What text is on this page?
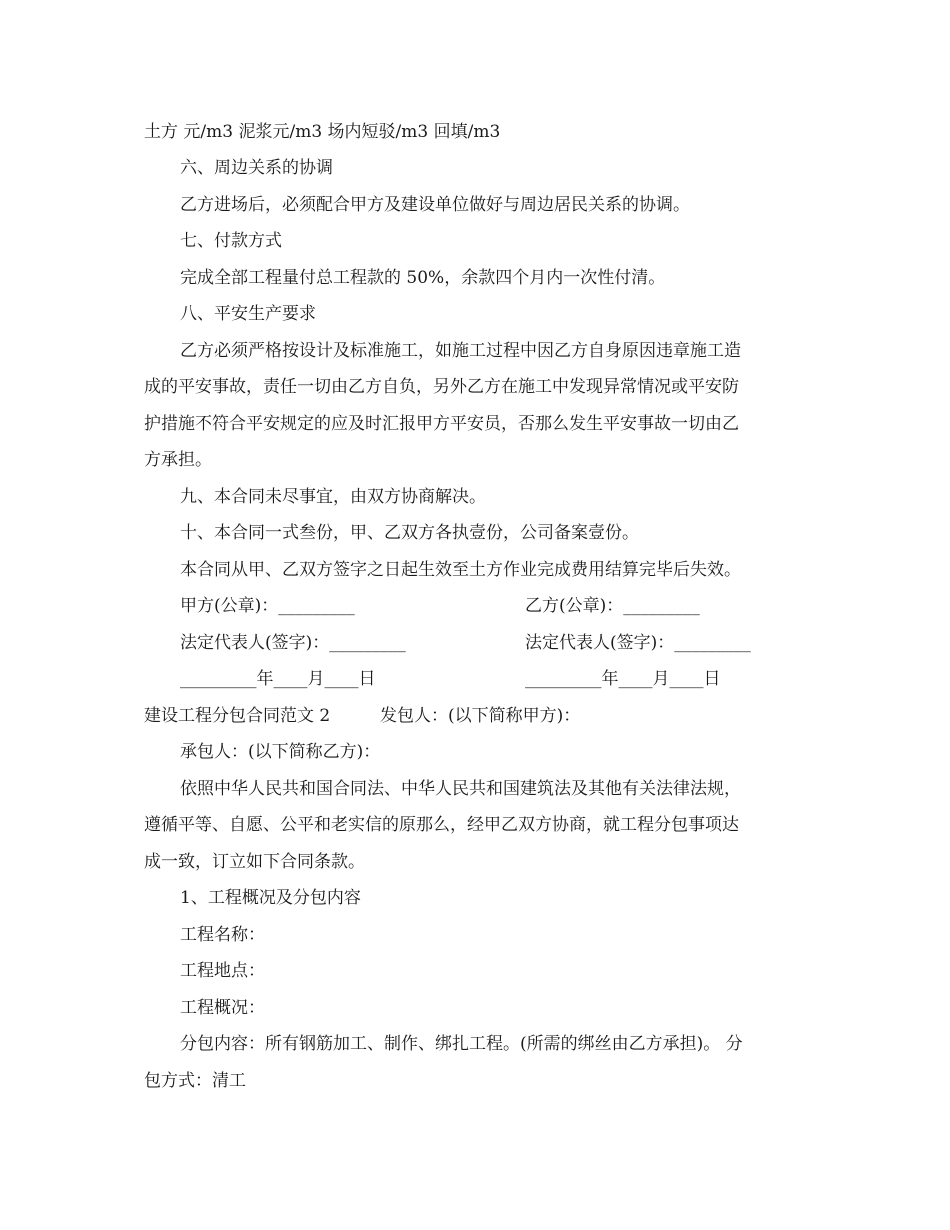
土方 元/m3 泥浆元/m3 场内短驳/m3 回填/m3
六、周边关系的协调
乙方进场后，必须配合甲方及建设单位做好与周边居民关系的协调。
七、付款方式
完成全部工程量付总工程款的 50%，余款四个月内一次性付清。
八、平安生产要求
乙方必须严格按设计及标准施工，如施工过程中因乙方自身原因违章施工造
成的平安事故，责任一切由乙方自负，另外乙方在施工中发现异常情况或平安防
护措施不符合平安规定的应及时汇报甲方平安员，否那么发生平安事故一切由乙
方承担。
九、本合同未尽事宜，由双方协商解决。
十、本合同一式叁份，甲、乙双方各执壹份，公司备案壹份。
本合同从甲、乙双方签字之日起生效至土方作业完成费用结算完毕后失效。
甲方(公章)：_________	乙方(公章)：_________
法定代表人(签字)：_________	法定代表人(签字)：_________
_________年____月____日	_________年____月____日
建设工程分包合同范文 2	发包人：(以下简称甲方)：
承包人：(以下简称乙方)：
依照中华人民共和国合同法、中华人民共和国建筑法及其他有关法律法规，
遵循平等、自愿、公平和老实信的原那么，经甲乙双方协商，就工程分包事项达
成一致，订立如下合同条款。
1、工程概况及分包内容
工程名称：
工程地点：
工程概况：
分包内容：所有钢筋加工、制作、绑扎工程。(所需的绑丝由乙方承担)。 分
包方式：清工
